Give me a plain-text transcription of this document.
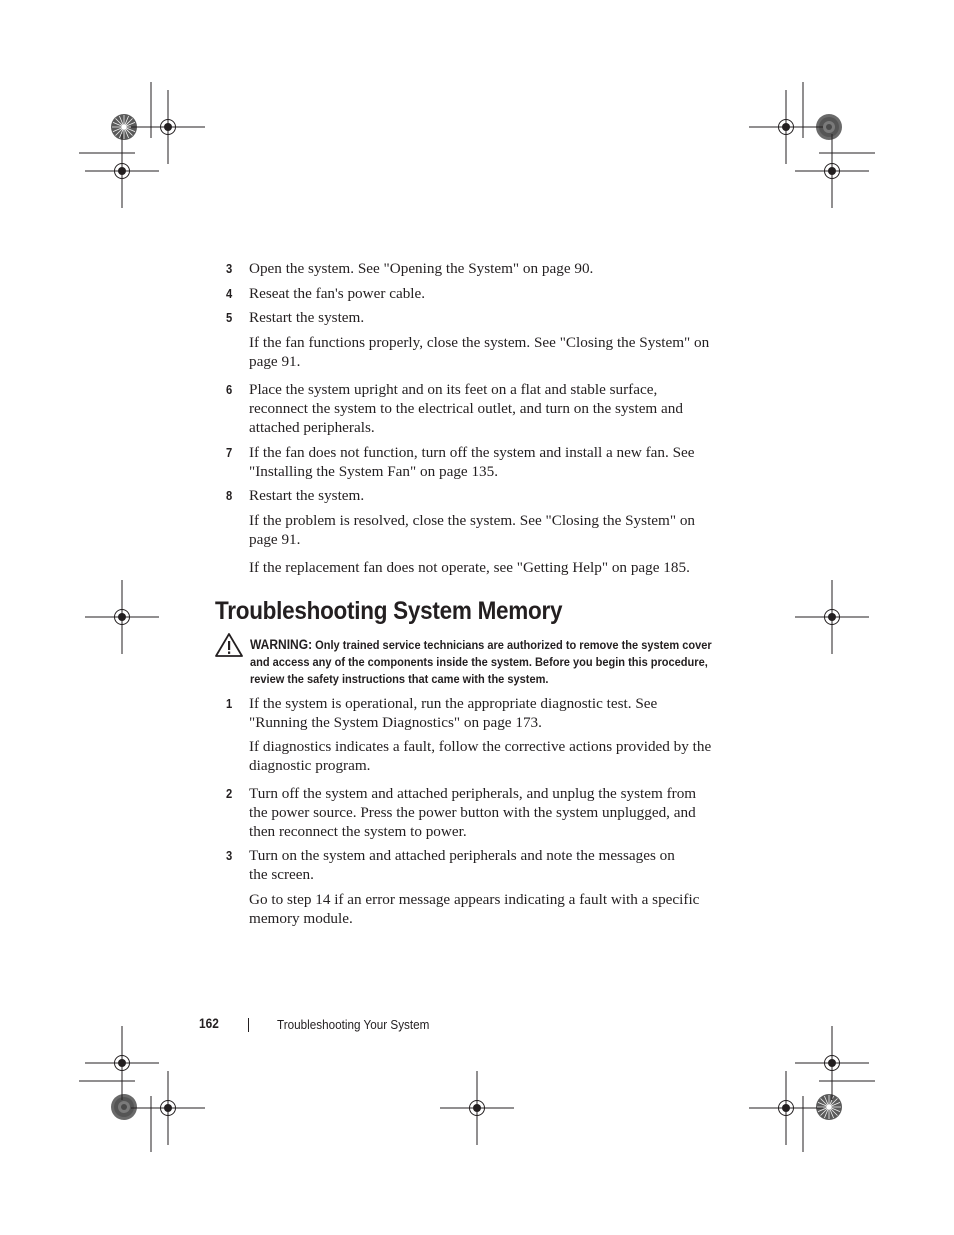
3 Open the system. See "Opening the System" on page 90.
4 Reseat the fan's power cable.
5 Restart the system.
If the fan functions properly, close the system. See "Closing the System" on page 91.
6 Place the system upright and on its feet on a flat and stable surface, reconnect the system to the electrical outlet, and turn on the system and attached peripherals.
7 If the fan does not function, turn off the system and install a new fan. See "Installing the System Fan" on page 135.
8 Restart the system.
If the problem is resolved, close the system. See "Closing the System" on page 91.
If the replacement fan does not operate, see "Getting Help" on page 185.
Troubleshooting System Memory
WARNING: Only trained service technicians are authorized to remove the system cover and access any of the components inside the system. Before you begin this procedure, review the safety instructions that came with the system.
1 If the system is operational, run the appropriate diagnostic test. See "Running the System Diagnostics" on page 173.
If diagnostics indicates a fault, follow the corrective actions provided by the diagnostic program.
2 Turn off the system and attached peripherals, and unplug the system from the power source. Press the power button with the system unplugged, and then reconnect the system to power.
3 Turn on the system and attached peripherals and note the messages on the screen.
Go to step 14 if an error message appears indicating a fault with a specific memory module.
162	Troubleshooting Your System
